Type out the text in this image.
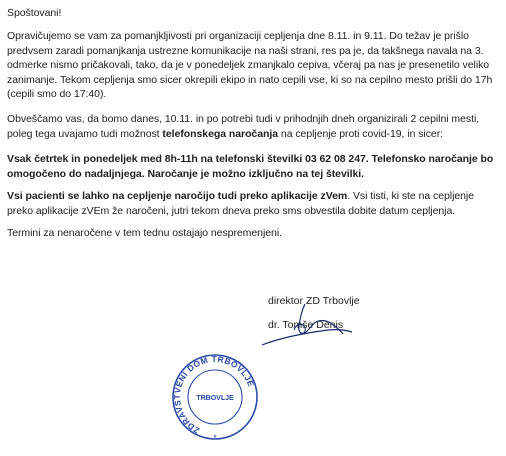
Spoštovani!
Opravičujemo se vam za pomanjkljivosti pri organizaciji cepljenja dne 8.11. in 9.11. Do težav je prišlo predvsem zaradi pomanjkanja ustrezne komunikacije na naši strani, res pa je, da takšnega navala na 3. odmerke nismo pričakovali, tako, da je v ponedeljek zmanjkalo cepiva, včeraj pa nas je presenetilo veliko zanimanje. Tekom cepljenja smo sicer okrepili ekipo in nato cepili vse, ki so na cepilno mesto prišli do 17h (cepili smo do 17:40).
Obveščamo vas, da bomo danes, 10.11. in po potrebi tudi v prihodnjih dneh organizirali 2 cepilni mesti, poleg tega uvajamo tudi možnost telefonskega naročanja na cepljenje proti covid-19, in sicer:
Vsak četrtek in ponedeljek med 8h-11h na telefonski številki 03 62 08 247. Telefonsko naročanje bo omogočeno do nadaljnjega. Naročanje je možno izključno na tej številki.
Vsi pacienti se lahko na cepljenje naročijo tudi preko aplikacije zVem. Vsi tisti, ki ste na cepljenje preko aplikacije zVEm že naročeni, jutri tekom dneva preko sms obvestila dobite datum cepljenja.
Termini za nenaročene v tem tednu ostajajo nespremenjeni.
direktor ZD Trbovlje
dr. Tomše Denis
ZDRAVSTVENI DOM TRBOVLJE
TRBOVLJE
*
